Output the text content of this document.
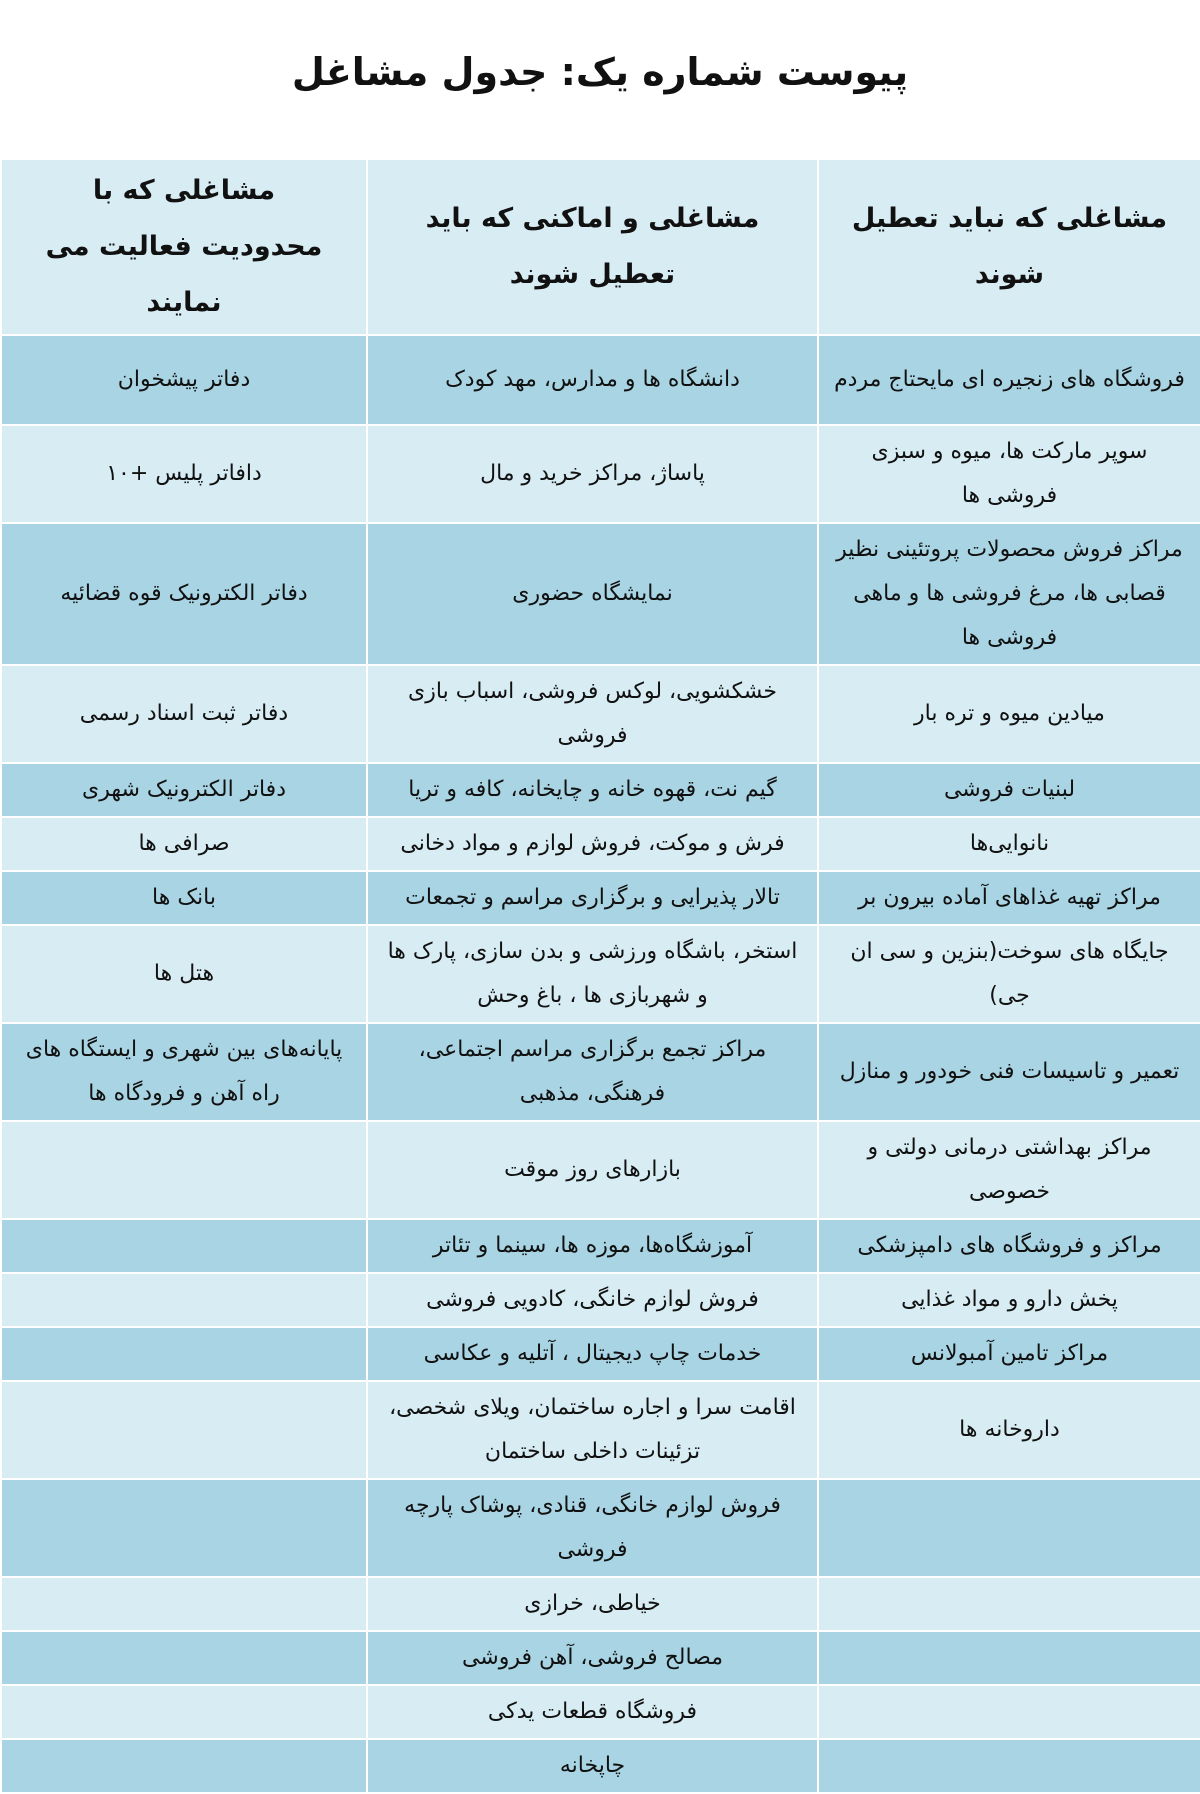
پیوست شماره یک: جدول مشاغل
مشاغلی که نباید تعطیل شوند	مشاغلی و اماکنی که باید تعطیل شوند	مشاغلی که با محدودیت فعالیت می نمایند
فروشگاه های زنجیره ای مایحتاج مردم	دانشگاه ها و مدارس، مهد کودک	دفاتر پیشخوان
سوپر مارکت ها، میوه و سبزی فروشی ها	پاساژ، مراکز خرید و مال	دافاتر پلیس +۱۰
مراکز فروش محصولات پروتئینی نظیر قصابی ها، مرغ فروشی ها و ماهی فروشی ها	نمایشگاه حضوری	دفاتر الکترونیک قوه قضائیه
میادین میوه و تره بار	خشکشویی، لوکس فروشی، اسباب بازی فروشی	دفاتر ثبت اسناد رسمی
لبنیات فروشی	گیم نت، قهوه خانه و چایخانه، کافه و تریا	دفاتر الکترونیک شهری
نانوایی‌ها	فرش و موکت، فروش لوازم و مواد دخانی	صرافی ها
مراکز تهیه غذاهای آماده بیرون بر	تالار پذیرایی و برگزاری مراسم و تجمعات	بانک ها
جایگاه های سوخت(بنزین و سی ان جی)	استخر، باشگاه ورزشی و بدن سازی، پارک ها و شهربازی ها ، باغ وحش	هتل ها
تعمیر و تاسیسات فنی خودور و منازل	مراکز تجمع برگزاری مراسم اجتماعی، فرهنگی، مذهبی	پایانه‌های بین شهری و ایستگاه های راه آهن و فرودگاه ها
مراکز بهداشتی درمانی دولتی و خصوصی	بازارهای روز موقت	
مراکز و فروشگاه های دامپزشکی	آموزشگاه‌ها، موزه ها، سینما و تئاتر	
پخش دارو و مواد غذایی	فروش لوازم خانگی، کادویی فروشی	
مراکز تامین آمبولانس	خدمات چاپ دیجیتال ، آتلیه و عکاسی	
داروخانه ها	اقامت سرا و اجاره ساختمان، ویلای شخصی، تزئینات داخلی ساختمان	
	فروش لوازم خانگی، قنادی، پوشاک پارچه فروشی	
	خیاطی، خرازی	
	مصالح فروشی، آهن فروشی	
	فروشگاه قطعات یدکی	
	چاپخانه	
